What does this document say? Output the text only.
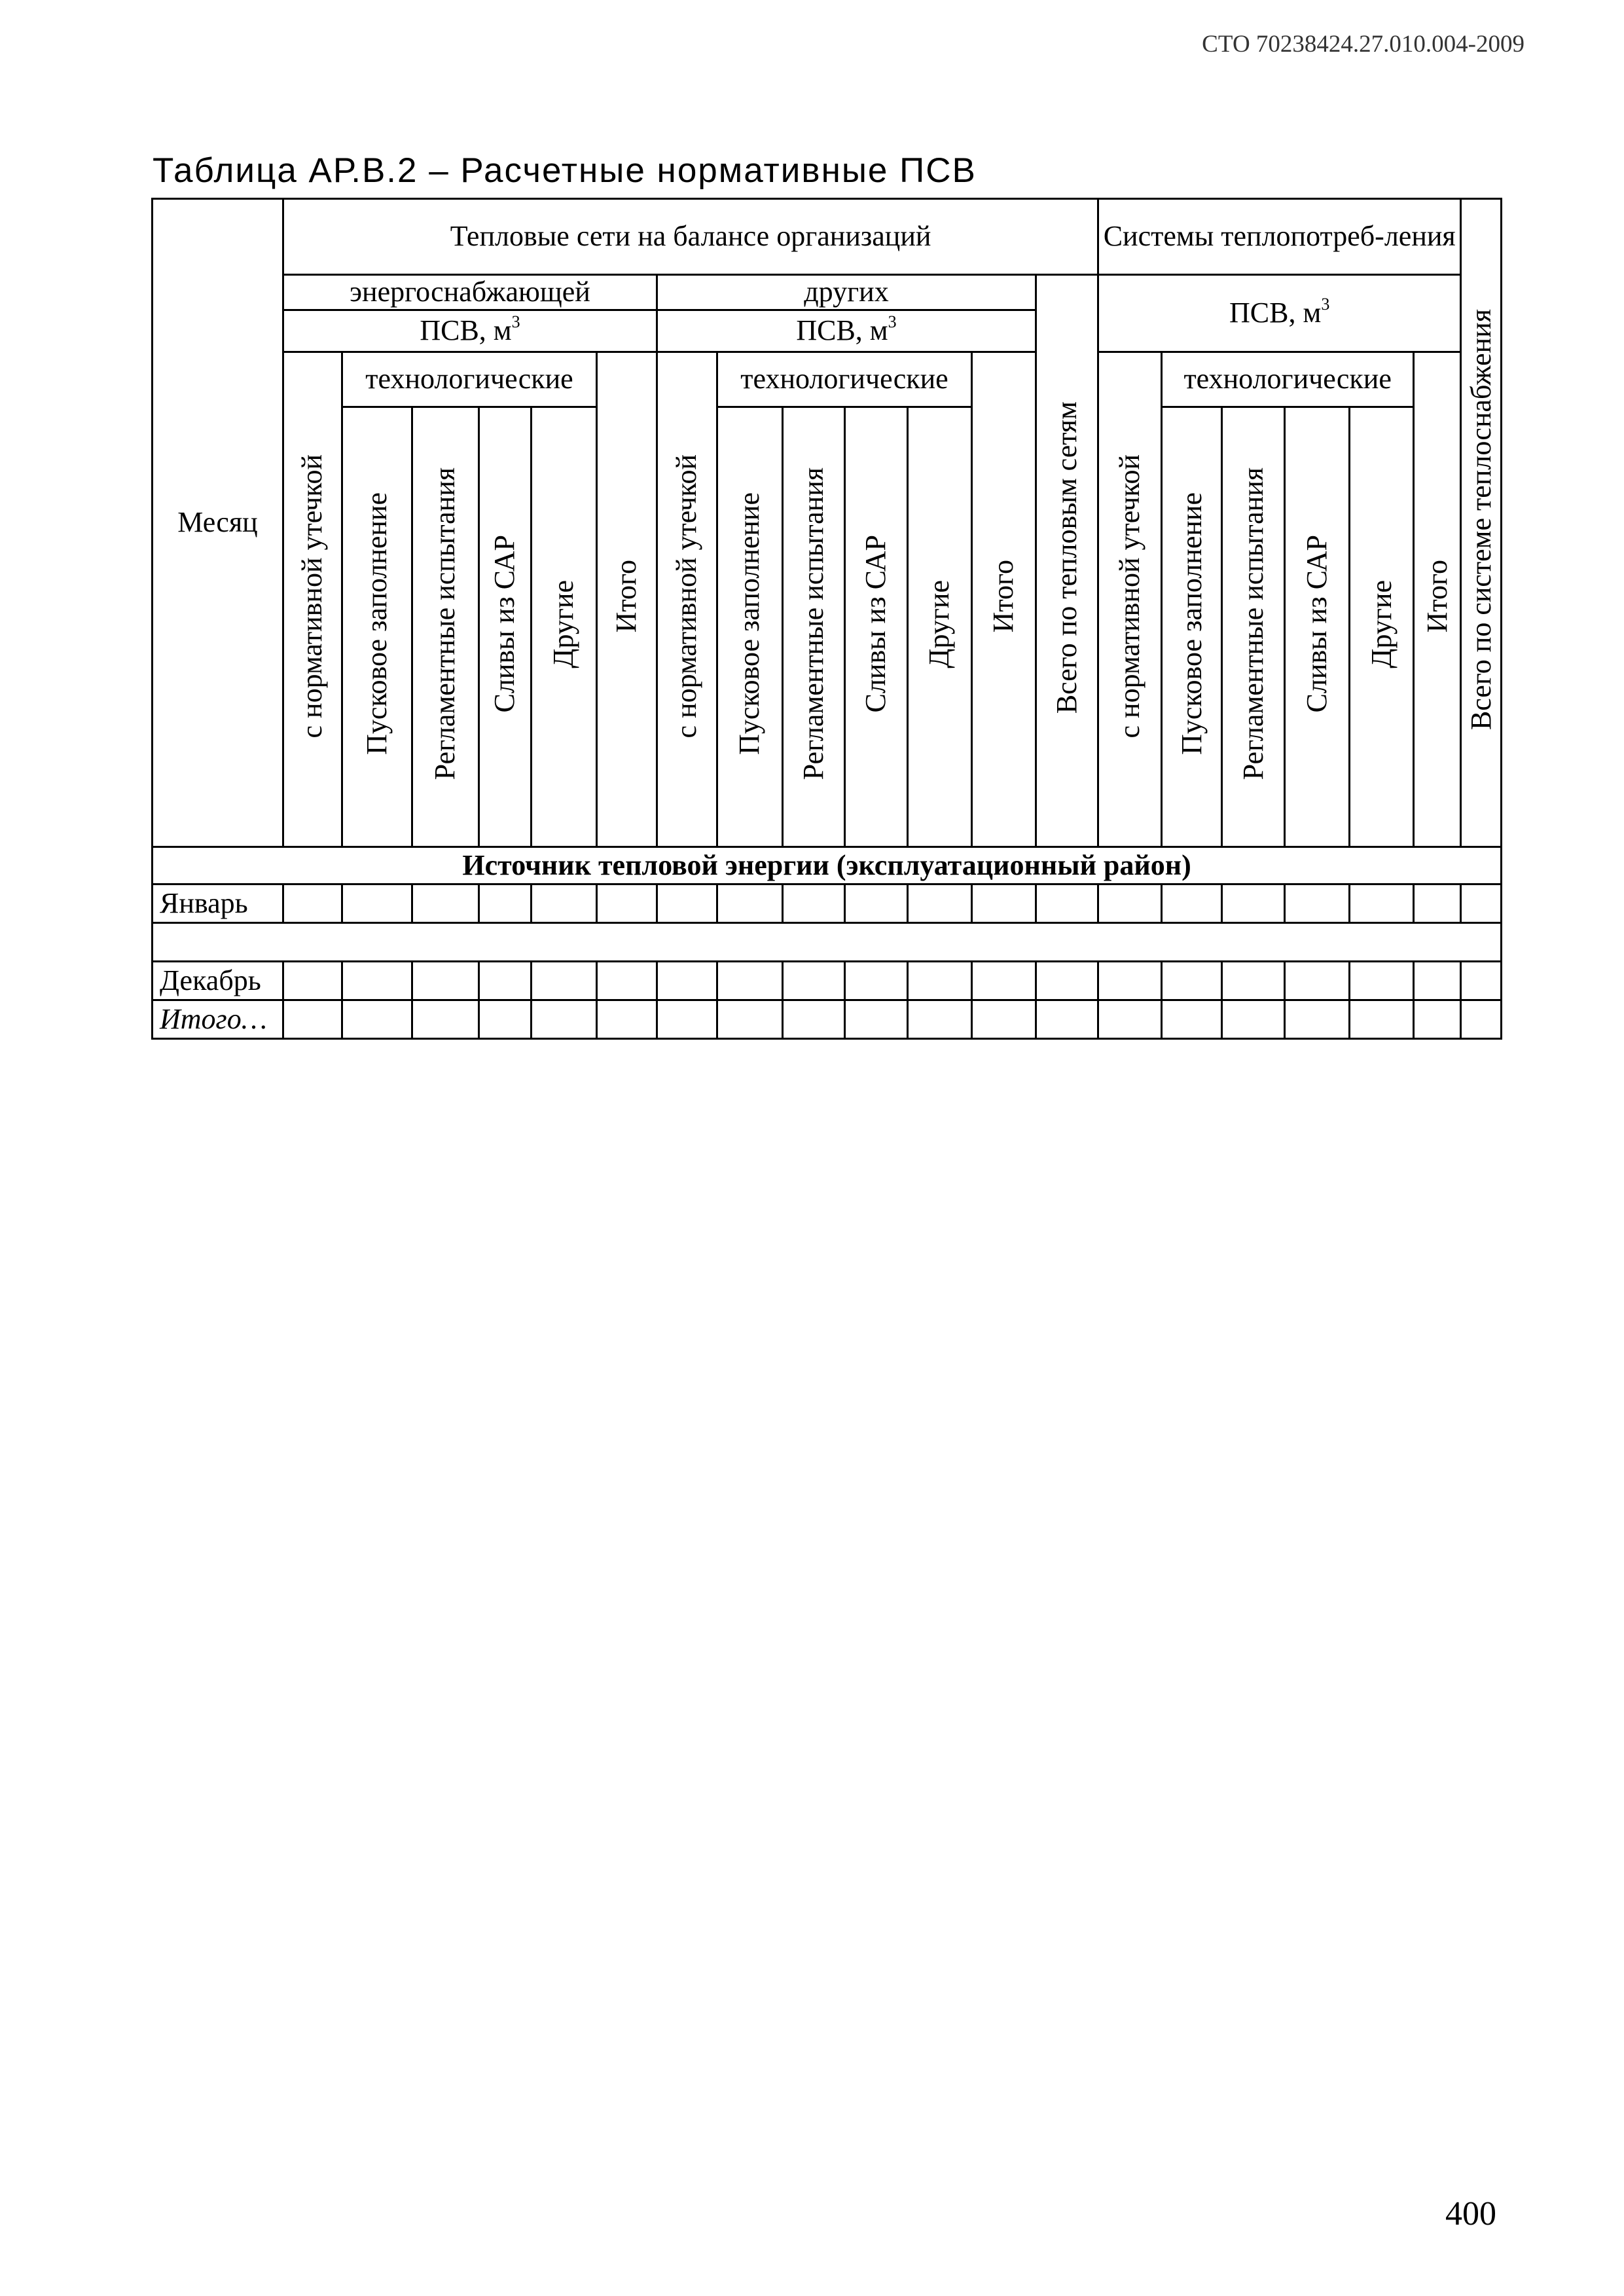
СТО 70238424.27.010.004-2009
Таблица АР.В.2 – Расчетные нормативные ПСВ
Месяц	Тепловые сети на балансе организаций													Системы теплопотреб-ления						Всего по системе теплоснабжения
	энергоснабжающей						других						Всего по тепловым сетям	ПСВ, $м^3$
	ПСВ, $м^3$						ПСВ, $м^3$
	с нормативной утечкой	технологические				Итого	с нормативной утечкой	технологические				Итого		с нормативной утечкой	технологические				Итого	
		Пусковое заполнение	Регламентные испытания	Сливы из САР	Другие			Пусковое заполнение	Регламентные испытания	Сливы из САР	Другие				Пусковое заполнение	Регламентные испытания	Сливы из САР	Другие		
Источник тепловой энергии (эксплуатационный район)																				
Январь																				

Декабрь																				
Итого…																				
400
